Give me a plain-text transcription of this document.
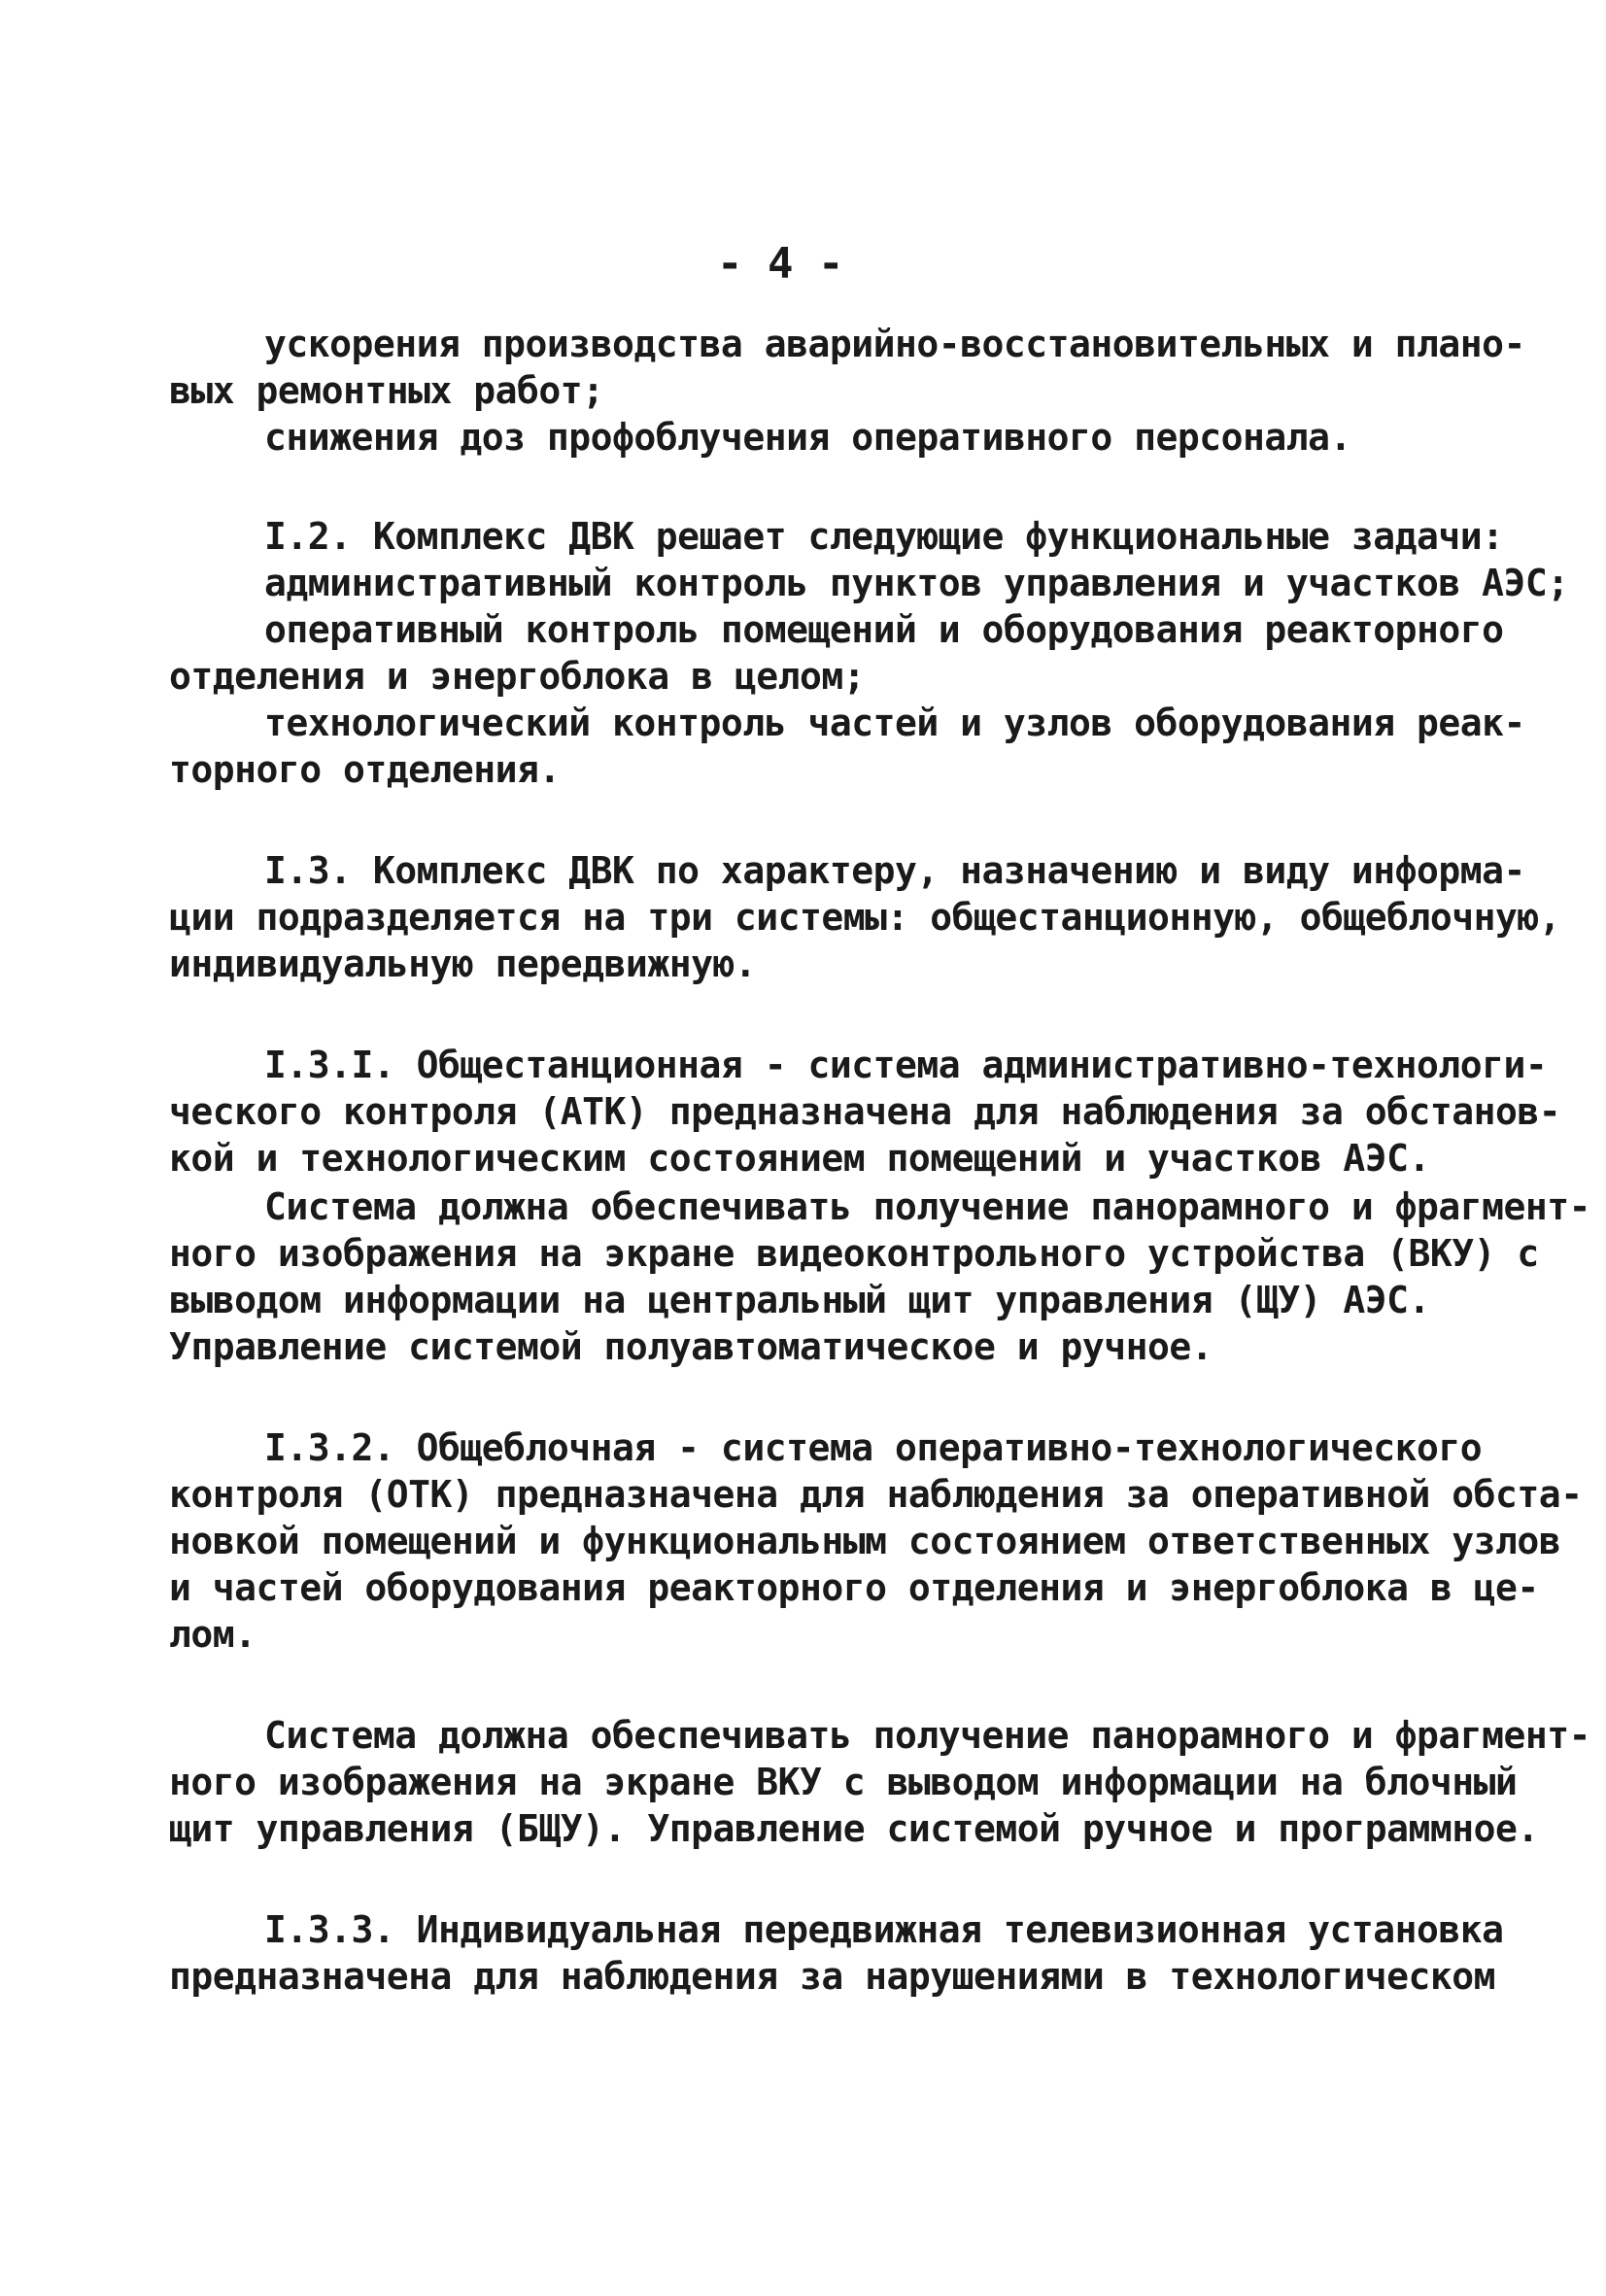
- 4 -
ускорения производства аварийно-восстановительных и плано-
вых ремонтных работ;
снижения доз профоблучения оперативного персонала.
I.2. Комплекс ДВК решает следующие функциональные задачи:
административный контроль пунктов управления и участков АЭС;
оперативный контроль помещений и оборудования реакторного
отделения и энергоблока в целом;
технологический контроль частей и узлов оборудования реак-
торного отделения.
I.3. Комплекс ДВК по характеру, назначению и виду информа-
ции подразделяется на три системы: общестанционную, общеблочную,
индивидуальную передвижную.
I.3.I. Общестанционная - система административно-технологи-
ческого контроля (АТК) предназначена для наблюдения за обстанов-
кой и технологическим состоянием помещений и участков АЭС.
Система должна обеспечивать получение панорамного и фрагмент-
ного изображения на экране видеоконтрольного устройства (ВКУ) с
выводом информации на центральный щит управления (ЩУ) АЭС.
Управление системой полуавтоматическое и ручное.
I.3.2. Общеблочная - система оперативно-технологического
контроля (ОТК) предназначена для наблюдения за оперативной обста-
новкой помещений и функциональным состоянием ответственных узлов
и частей оборудования реакторного отделения и энергоблока в це-
лом.
Система должна обеспечивать получение панорамного и фрагмент-
ного изображения на экране ВКУ с выводом информации на блочный
щит управления (БЩУ). Управление системой ручное и программное.
I.3.3. Индивидуальная передвижная телевизионная установка
предназначена для наблюдения за нарушениями в технологическом
